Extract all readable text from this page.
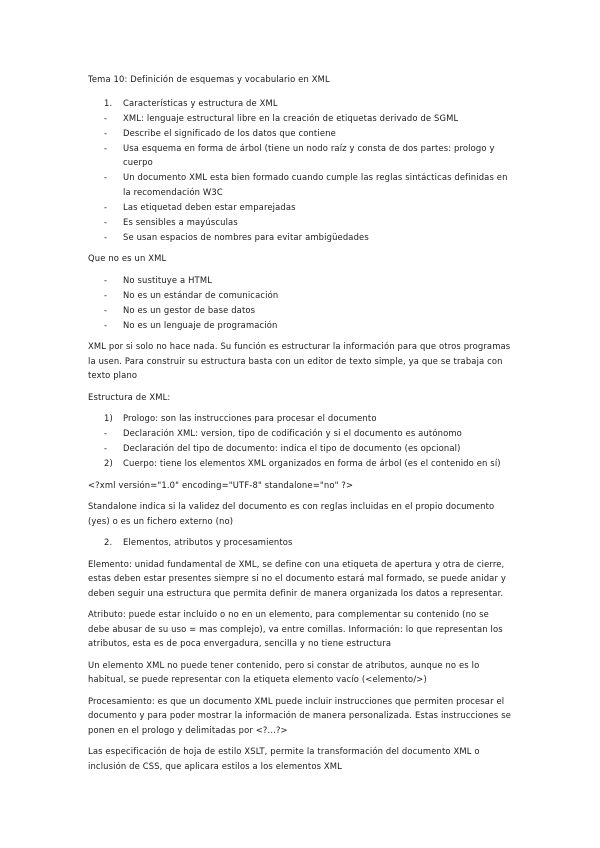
Tema 10: Definición de esquemas y vocabulario en XML

1.	Características y estructura de XML
-	XML: lenguaje estructural libre en la creación de etiquetas derivado de SGML
-	Describe el significado de los datos que contiene
-	Usa esquema en forma de árbol (tiene un nodo raíz y consta de dos partes: prologo y cuerpo
-	Un documento XML esta bien formado cuando cumple las reglas sintácticas definidas en la recomendación W3C
-	Las etiquetad deben estar emparejadas
-	Es sensibles a mayúsculas
-	Se usan espacios de nombres para evitar ambigüedades

Que no es un XML

-	No sustituye a HTML
-	No es un estándar de comunicación
-	No es un gestor de base datos
-	No es un lenguaje de programación

XML por si solo no hace nada. Su función es estructurar la información para que otros programas la usen. Para construir su estructura basta con un editor de texto simple, ya que se trabaja con texto plano

Estructura de XML:

1)	Prologo: son las instrucciones para procesar el documento
-	Declaración XML: version, tipo de codificación y si el documento es autónomo
-	Declaración del tipo de documento: indica el tipo de documento (es opcional)
2)	Cuerpo: tiene los elementos XML organizados en forma de árbol (es el contenido en sí)

<?xml versión="1.0" encoding="UTF-8" standalone="no" ?>

Standalone indica si la validez del documento es con reglas incluidas en el propio documento (yes) o es un fichero externo (no)

2. Elementos, atributos y procesamientos

Elemento: unidad fundamental de XML, se define con una etiqueta de apertura y otra de cierre, estas deben estar presentes siempre si no el documento estará mal formado, se puede anidar y deben seguir una estructura que permita definir de manera organizada los datos a representar.

Atributo: puede estar incluido o no en un elemento, para complementar su contenido (no se debe abusar de su uso = mas complejo), va entre comillas. Información: lo que representan los atributos, esta es de poca envergadura, sencilla y no tiene estructura

Un elemento XML no puede tener contenido, pero si constar de atributos, aunque no es lo habitual, se puede representar con la etiqueta elemento vacío (<elemento/>)

Procesamiento: es que un documento XML puede incluir instrucciones que permiten procesar el documento y para poder mostrar la información de manera personalizada. Estas instrucciones se ponen en el prologo y delimitadas por <?...?>

Las especificación de hoja de estilo XSLT, permite la transformación del documento XML o inclusión de CSS, que aplicara estilos a los elementos XML
